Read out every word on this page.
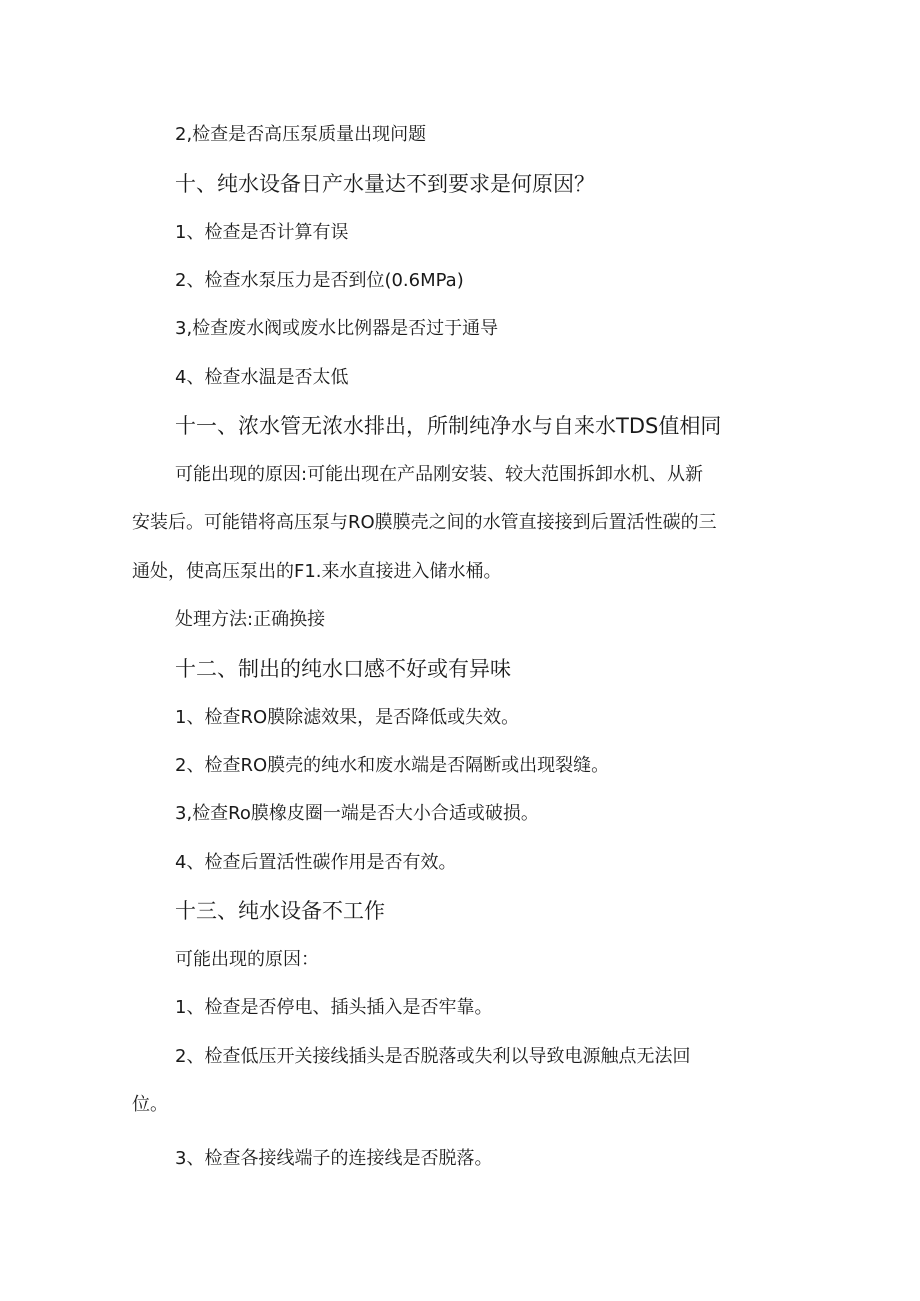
2,检查是否高压泵质量出现问题
十、纯水设备日产水量达不到要求是何原因？
1、检查是否计算有误
2、检查水泵压力是否到位(0.6MPa)
3,检查废水阀或废水比例器是否过于通导
4、检查水温是否太低
十一、浓水管无浓水排出，所制纯净水与自来水TDS值相同
可能出现的原因:可能出现在产品刚安装、较大范围拆卸水机、从新
安装后。可能错将高压泵与RO膜膜壳之间的水管直接接到后置活性碳的三
通处，使高压泵出的F1.来水直接进入储水桶。
处理方法:正确换接
十二、制出的纯水口感不好或有异味
1、检查RO膜除滤效果，是否降低或失效。
2、检查RO膜壳的纯水和废水端是否隔断或出现裂缝。
3,检查Ro膜橡皮圈一端是否大小合适或破损。
4、检查后置活性碳作用是否有效。
十三、纯水设备不工作
可能出现的原因：
1、检查是否停电、插头插入是否牢靠。
2、检查低压开关接线插头是否脱落或失利以导致电源触点无法回
位。
3、检查各接线端子的连接线是否脱落。
